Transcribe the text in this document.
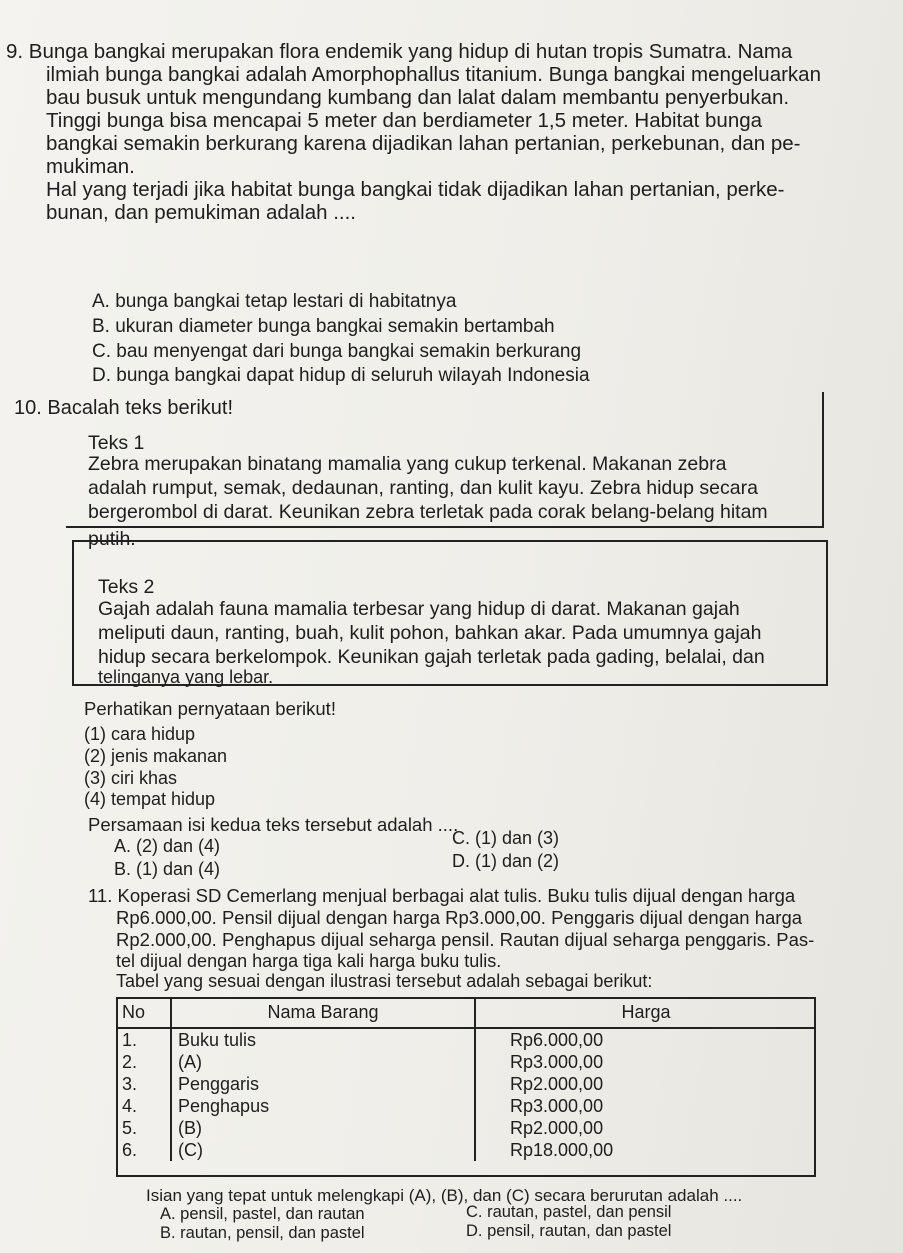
9. Bunga bangkai merupakan flora endemik yang hidup di hutan tropis Sumatra. Nama
ilmiah bunga bangkai adalah Amorphophallus titanium. Bunga bangkai mengeluarkan
bau busuk untuk mengundang kumbang dan lalat dalam membantu penyerbukan.
Tinggi bunga bisa mencapai 5 meter dan berdiameter 1,5 meter. Habitat bunga
bangkai semakin berkurang karena dijadikan lahan pertanian, perkebunan, dan pe-
mukiman.
Hal yang terjadi jika habitat bunga bangkai tidak dijadikan lahan pertanian, perke-
bunan, dan pemukiman adalah ....
A. bunga bangkai tetap lestari di habitatnya
B. ukuran diameter bunga bangkai semakin bertambah
C. bau menyengat dari bunga bangkai semakin berkurang
D. bunga bangkai dapat hidup di seluruh wilayah Indonesia
10. Bacalah teks berikut!
Teks 1
Zebra merupakan binatang mamalia yang cukup terkenal. Makanan zebra
adalah rumput, semak, dedaunan, ranting, dan kulit kayu. Zebra hidup secara
bergerombol di darat. Keunikan zebra terletak pada corak belang-belang hitam
putih.
Teks 2
Gajah adalah fauna mamalia terbesar yang hidup di darat. Makanan gajah
meliputi daun, ranting, buah, kulit pohon, bahkan akar. Pada umumnya gajah
hidup secara berkelompok. Keunikan gajah terletak pada gading, belalai, dan
telinganya yang lebar.
Perhatikan pernyataan berikut!
(1) cara hidup
(2) jenis makanan
(3) ciri khas
(4) tempat hidup
Persamaan isi kedua teks tersebut adalah ....
A. (2) dan (4)
B. (1) dan (4)
C. (1) dan (3)
D. (1) dan (2)
11. Koperasi SD Cemerlang menjual berbagai alat tulis. Buku tulis dijual dengan harga
Rp6.000,00. Pensil dijual dengan harga Rp3.000,00. Penggaris dijual dengan harga
Rp2.000,00. Penghapus dijual seharga pensil. Rautan dijual seharga penggaris. Pas-
tel dijual dengan harga tiga kali harga buku tulis.
Tabel yang sesuai dengan ilustrasi tersebut adalah sebagai berikut:
No	Nama Barang	Harga
1.	Buku tulis	Rp6.000,00
2.	(A)	Rp3.000,00
3.	Penggaris	Rp2.000,00
4.	Penghapus	Rp3.000,00
5.	(B)	Rp2.000,00
6.	(C)	Rp18.000,00
Isian yang tepat untuk melengkapi (A), (B), dan (C) secara berurutan adalah ....
A. pensil, pastel, dan rautan
B. rautan, pensil, dan pastel
C. rautan, pastel, dan pensil
D. pensil, rautan, dan pastel
